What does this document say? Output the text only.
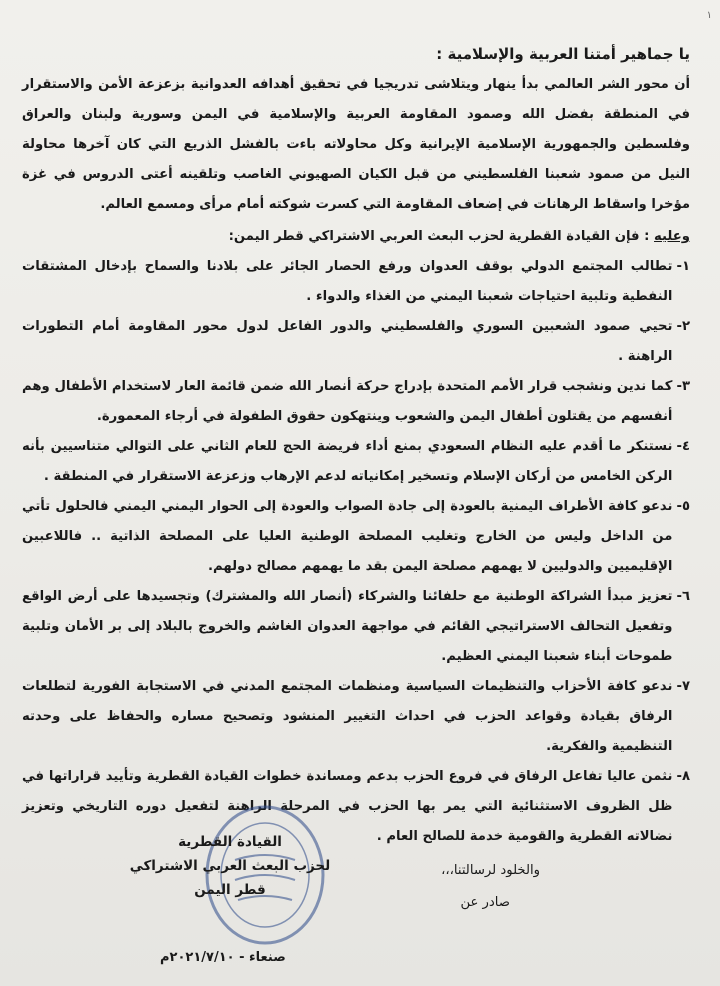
١
يا جماهير أمتنا العربية والإسلامية :

أن محور الشر العالمي بدأ ينهار ويتلاشى تدريجيا في تحقيق أهدافه العدوانية بزعزعة الأمن والاستقرار في المنطقة بفضل الله وصمود المقاومة العربية والإسلامية في اليمن وسورية ولبنان والعراق وفلسطين والجمهورية الإسلامية الإيرانية وكل محاولاته باءت بالفشل الذريع التي كان آخرها محاولة النيل من صمود شعبنا الفلسطيني من قبل الكيان الصهيوني الغاصب وتلقينه أعتى الدروس في غزة مؤخرا واسقاط الرهانات في إضعاف المقاومة التي كسرت شوكته أمام مرأى ومسمع العالم.

وعليه : فإن القيادة القطرية لحزب البعث العربي الاشتراكي قطر اليمن:

١-
تطالب المجتمع الدولي بوقف العدوان ورفع الحصار الجائر على بلادنا والسماح بإدخال المشتقات النفطية وتلبية احتياجات شعبنا اليمني من الغذاء والدواء .
٢-
تحيي صمود الشعبين السوري والفلسطيني والدور الفاعل لدول محور المقاومة أمام التطورات الراهنة .
٣-
كما ندين ونشجب قرار الأمم المتحدة بإدراج حركة أنصار الله ضمن قائمة العار لاستخدام الأطفال وهم أنفسهم من يقتلون أطفال اليمن والشعوب وينتهكون حقوق الطفولة في أرجاء المعمورة.
٤-
نستنكر ما أقدم عليه النظام السعودي بمنع أداء فريضة الحج للعام الثاني على التوالي متناسيين بأنه الركن الخامس من أركان الإسلام وتسخير إمكانياته لدعم الإرهاب وزعزعة الاستقرار في المنطقة .
٥-
ندعو كافة الأطراف اليمنية بالعودة إلى جادة الصواب والعودة إلى الحوار اليمني اليمني فالحلول تأتي من الداخل وليس من الخارج وتغليب المصلحة الوطنية العليا على المصلحة الذاتية .. فاللاعبين الإقليميين والدوليين لا يهمهم مصلحة اليمن بقد ما يهمهم مصالح دولهم.
٦-
تعزيز مبدأ الشراكة الوطنية مع حلفائنا والشركاء (أنصار الله والمشترك) وتجسيدها على أرض الواقع وتفعيل التحالف الاستراتيجي القائم في مواجهة العدوان الغاشم والخروج بالبلاد إلى بر الأمان وتلبية طموحات أبناء شعبنا اليمني العظيم.
٧-
ندعو كافة الأحزاب والتنظيمات السياسية ومنظمات المجتمع المدني في الاستجابة الفورية لتطلعات الرفاق بقيادة وقواعد الحزب في احداث التغيير المنشود وتصحيح مساره والحفاظ على وحدته التنظيمية والفكرية.
٨-
نثمن عاليا تفاعل الرفاق في فروع الحزب بدعم ومساندة خطوات القيادة القطرية وتأييد قراراتها في ظل الظروف الاستثنائية التي يمر بها الحزب في المرحلة الراهنة لتفعيل دوره التاريخي وتعزيز نضالاته القطرية والقومية خدمة للصالح العام .
والخلود لرسالتنا،،،
صادر عن
القيادة القطرية
لحزب البعث العربي الاشتراكي
قطر اليمن
صنعاء - ٢٠٢١/٧/١٠م
